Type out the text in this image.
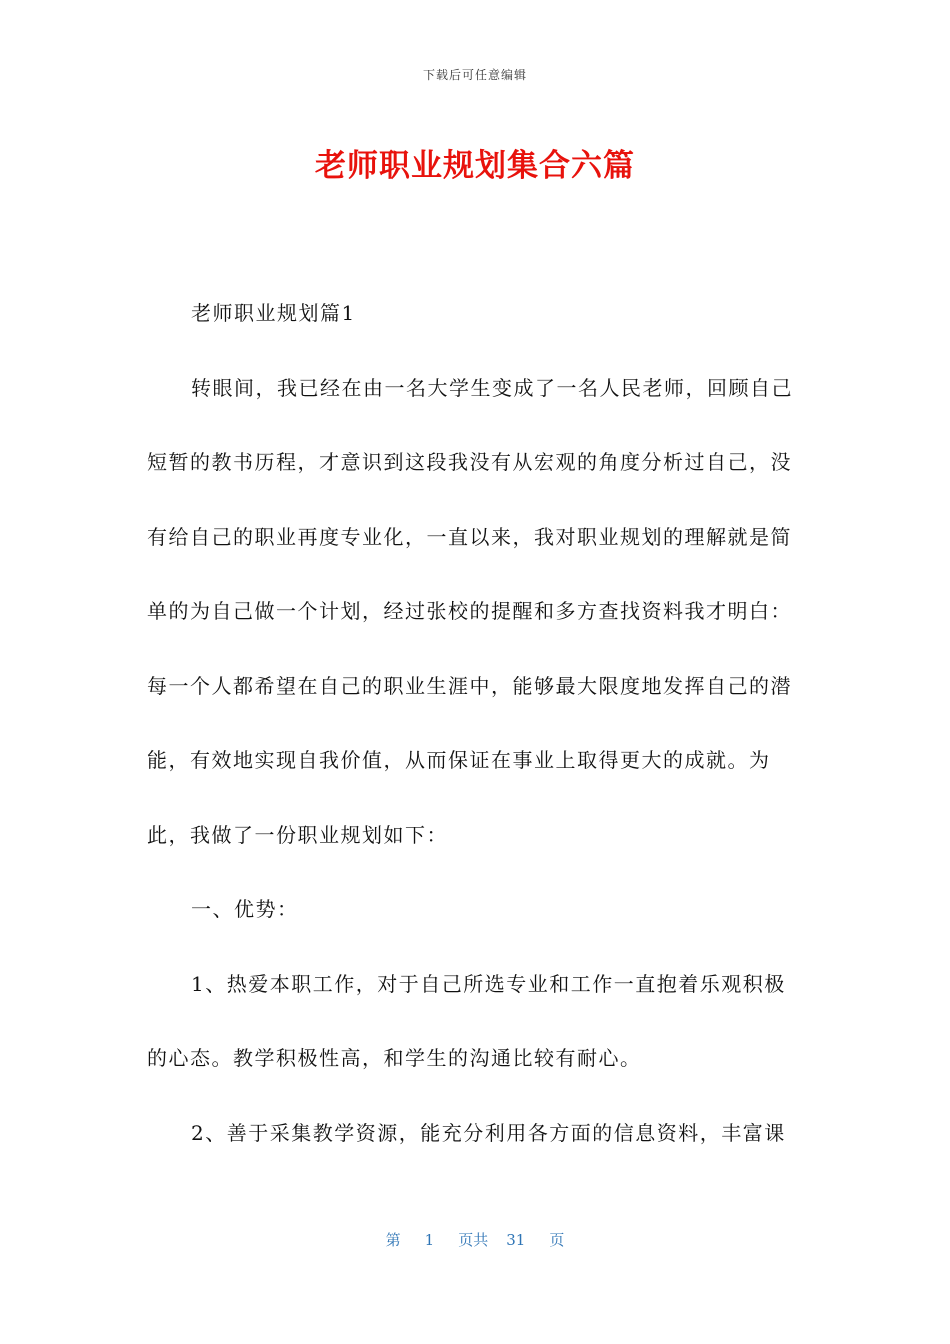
下载后可任意编辑
老师职业规划集合六篇

老师职业规划篇1

转眼间，我已经在由一名大学生变成了一名人民老师，回顾自己短暂的教书历程，才意识到这段我没有从宏观的角度分析过自己，没有给自己的职业再度专业化，一直以来，我对职业规划的理解就是简单的为自己做一个计划，经过张校的提醒和多方查找资料我才明白：每一个人都希望在自己的职业生涯中，能够最大限度地发挥自己的潜能，有效地实现自我价值，从而保证在事业上取得更大的成就。为此，我做了一份职业规划如下：

一、优势：

1、热爱本职工作，对于自己所选专业和工作一直抱着乐观积极的心态。教学积极性高，和学生的沟通比较有耐心。

2、善于采集教学资源，能充分利用各方面的信息资料，丰富课

第 1 页共 31 页
